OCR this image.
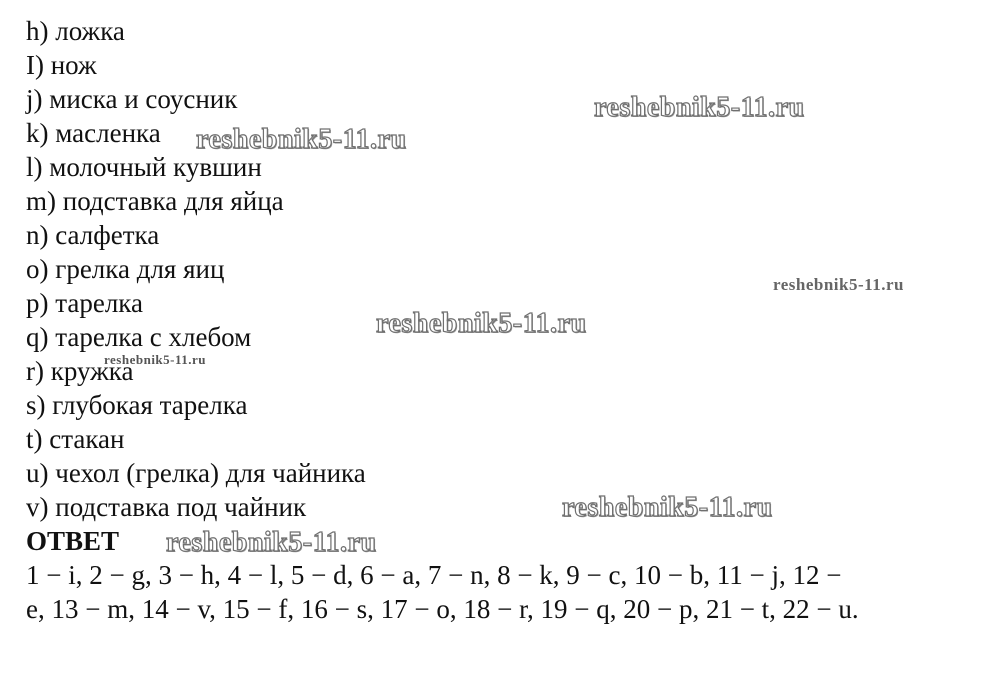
h) ложка
I) нож
j) миска и соусник
k) масленка
l) молочный кувшин
m) подставка для яйца
n) салфетка
o) грелка для яиц
p) тарелка
q) тарелка с хлебом
r) кружка
s) глубокая тарелка
t) стакан
u) чехол (грелка) для чайника
v) подставка под чайник
ОТВЕТ
1 − i, 2 − g, 3 − h, 4 − l, 5 − d, 6 − a, 7 − n, 8 − k, 9 − c, 10 − b, 11 − j, 12 −
e, 13 − m, 14 − v, 15 − f, 16 − s, 17 − o, 18 − r, 19 − q, 20 − p, 21 − t, 22 − u.
reshebnik5-11.ru
reshebnik5-11.ru
reshebnik5-11.ru
reshebnik5-11.ru
reshebnik5-11.ru
reshebnik5-11.ru
reshebnik5-11.ru
